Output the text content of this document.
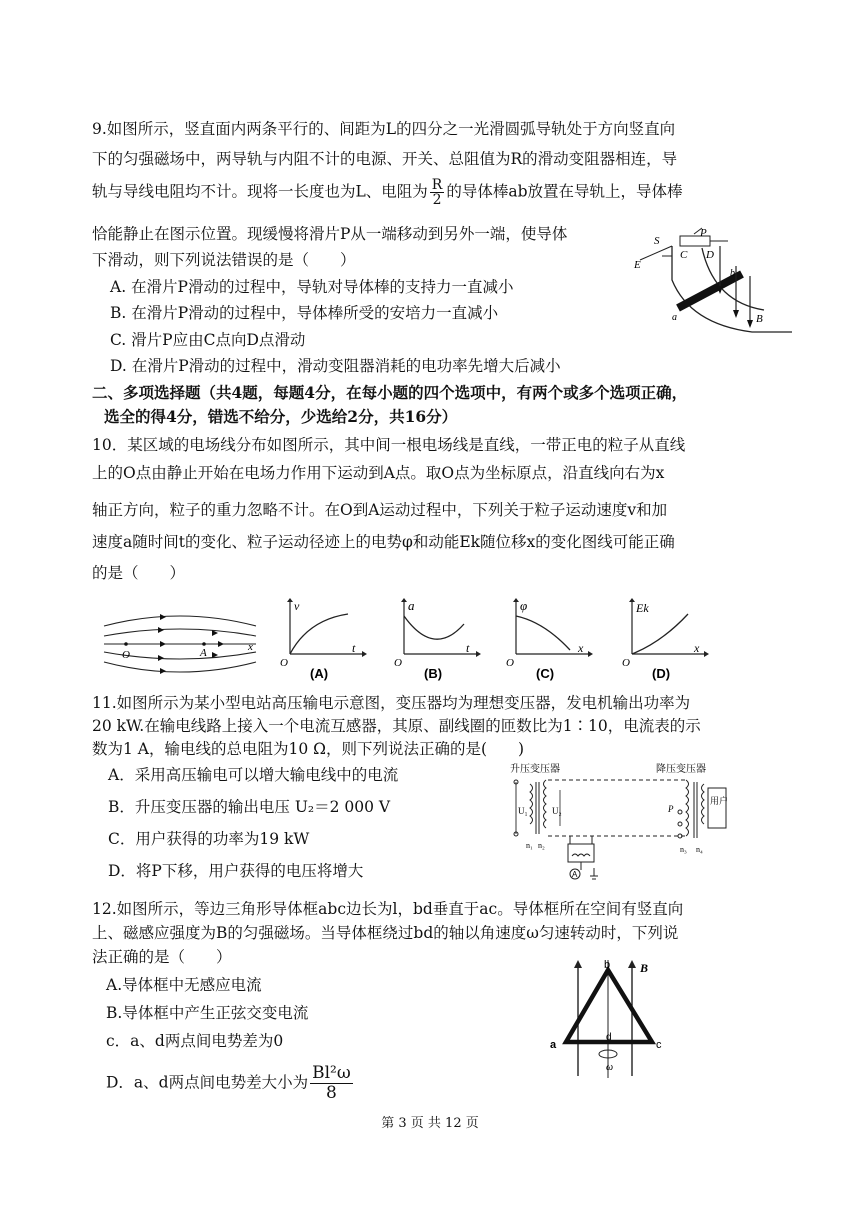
9.如图所示，竖直面内两条平行的、间距为L的四分之一光滑圆弧导轨处于方向竖直向
下的匀强磁场中，两导轨与内阻不计的电源、开关、总阻值为R的滑动变阻器相连，导
轨与导线电阻均不计。现将一长度也为L、电阻为 $\frac{R}{2}$ 的导体棒ab放置在导轨上，导体棒
恰能静止在图示位置。现缓慢将滑片P从一端移动到另外一端，使导体
下滑动，则下列说法错误的是（　　）
A. 在滑片P滑动的过程中，导轨对导体棒的支持力一直减小
B. 在滑片P滑动的过程中，导体棒所受的安培力一直减小
C. 滑片P应由C点向D点滑动
D. 在滑片P滑动的过程中，滑动变阻器消耗的电功率先增大后减小
S
E
C D
P
a
b
B
二、多项选择题（共4题，每题4分，在每小题的四个选项中，有两个或多个选项正确，
选全的得4分，错选不给分，少选给2分，共16分）
10．某区域的电场线分布如图所示，其中间一根电场线是直线，一带正电的粒子从直线
上的O点由静止开始在电场力作用下运动到A点。取O点为坐标原点，沿直线向右为x
轴正方向，粒子的重力忽略不计。在O到A运动过程中，下列关于粒子运动速度v和加
速度a随时间t的变化、粒子运动径迹上的电势φ和动能Ek随位移x的变化图线可能正确
的是（　　）
O	A	x
v
t
O
(A)
a
t
O
(B)
φ
x
O
(C)
Ek
x
O
(D)
11.如图所示为某小型电站高压输电示意图，变压器均为理想变压器，发电机输出功率为
20 kW.在输电线路上接入一个电流互感器，其原、副线圈的匝数比为1∶10，电流表的示
数为1 A，输电线的总电阻为10 Ω，则下列说法正确的是(　　)
A．采用高压输电可以增大输电线中的电流
B．升压变压器的输出电压 U₂＝2 000 V
C．用户获得的功率为19 kW
D．将P下移，用户获得的电压将增大
升压变压器	降压变压器
U₁	U₂
n₁ n₂
用户
P
n₃ n₄
A
12.如图所示，等边三角形导体框abc边长为l，bd垂直于ac。导体框所在空间有竖直向
上、磁感应强度为B的匀强磁场。当导体框绕过bd的轴以角速度ω匀速转动时，下列说
法正确的是（　　）
A.导体框中无感应电流
B.导体框中产生正弦交变电流
c．a、d两点间电势差为0
D．a、d两点间电势差大小为 $\frac{\text{Bl²ω}}{8}$
b B
a	c
d
ω
第 3 页 共 12 页
